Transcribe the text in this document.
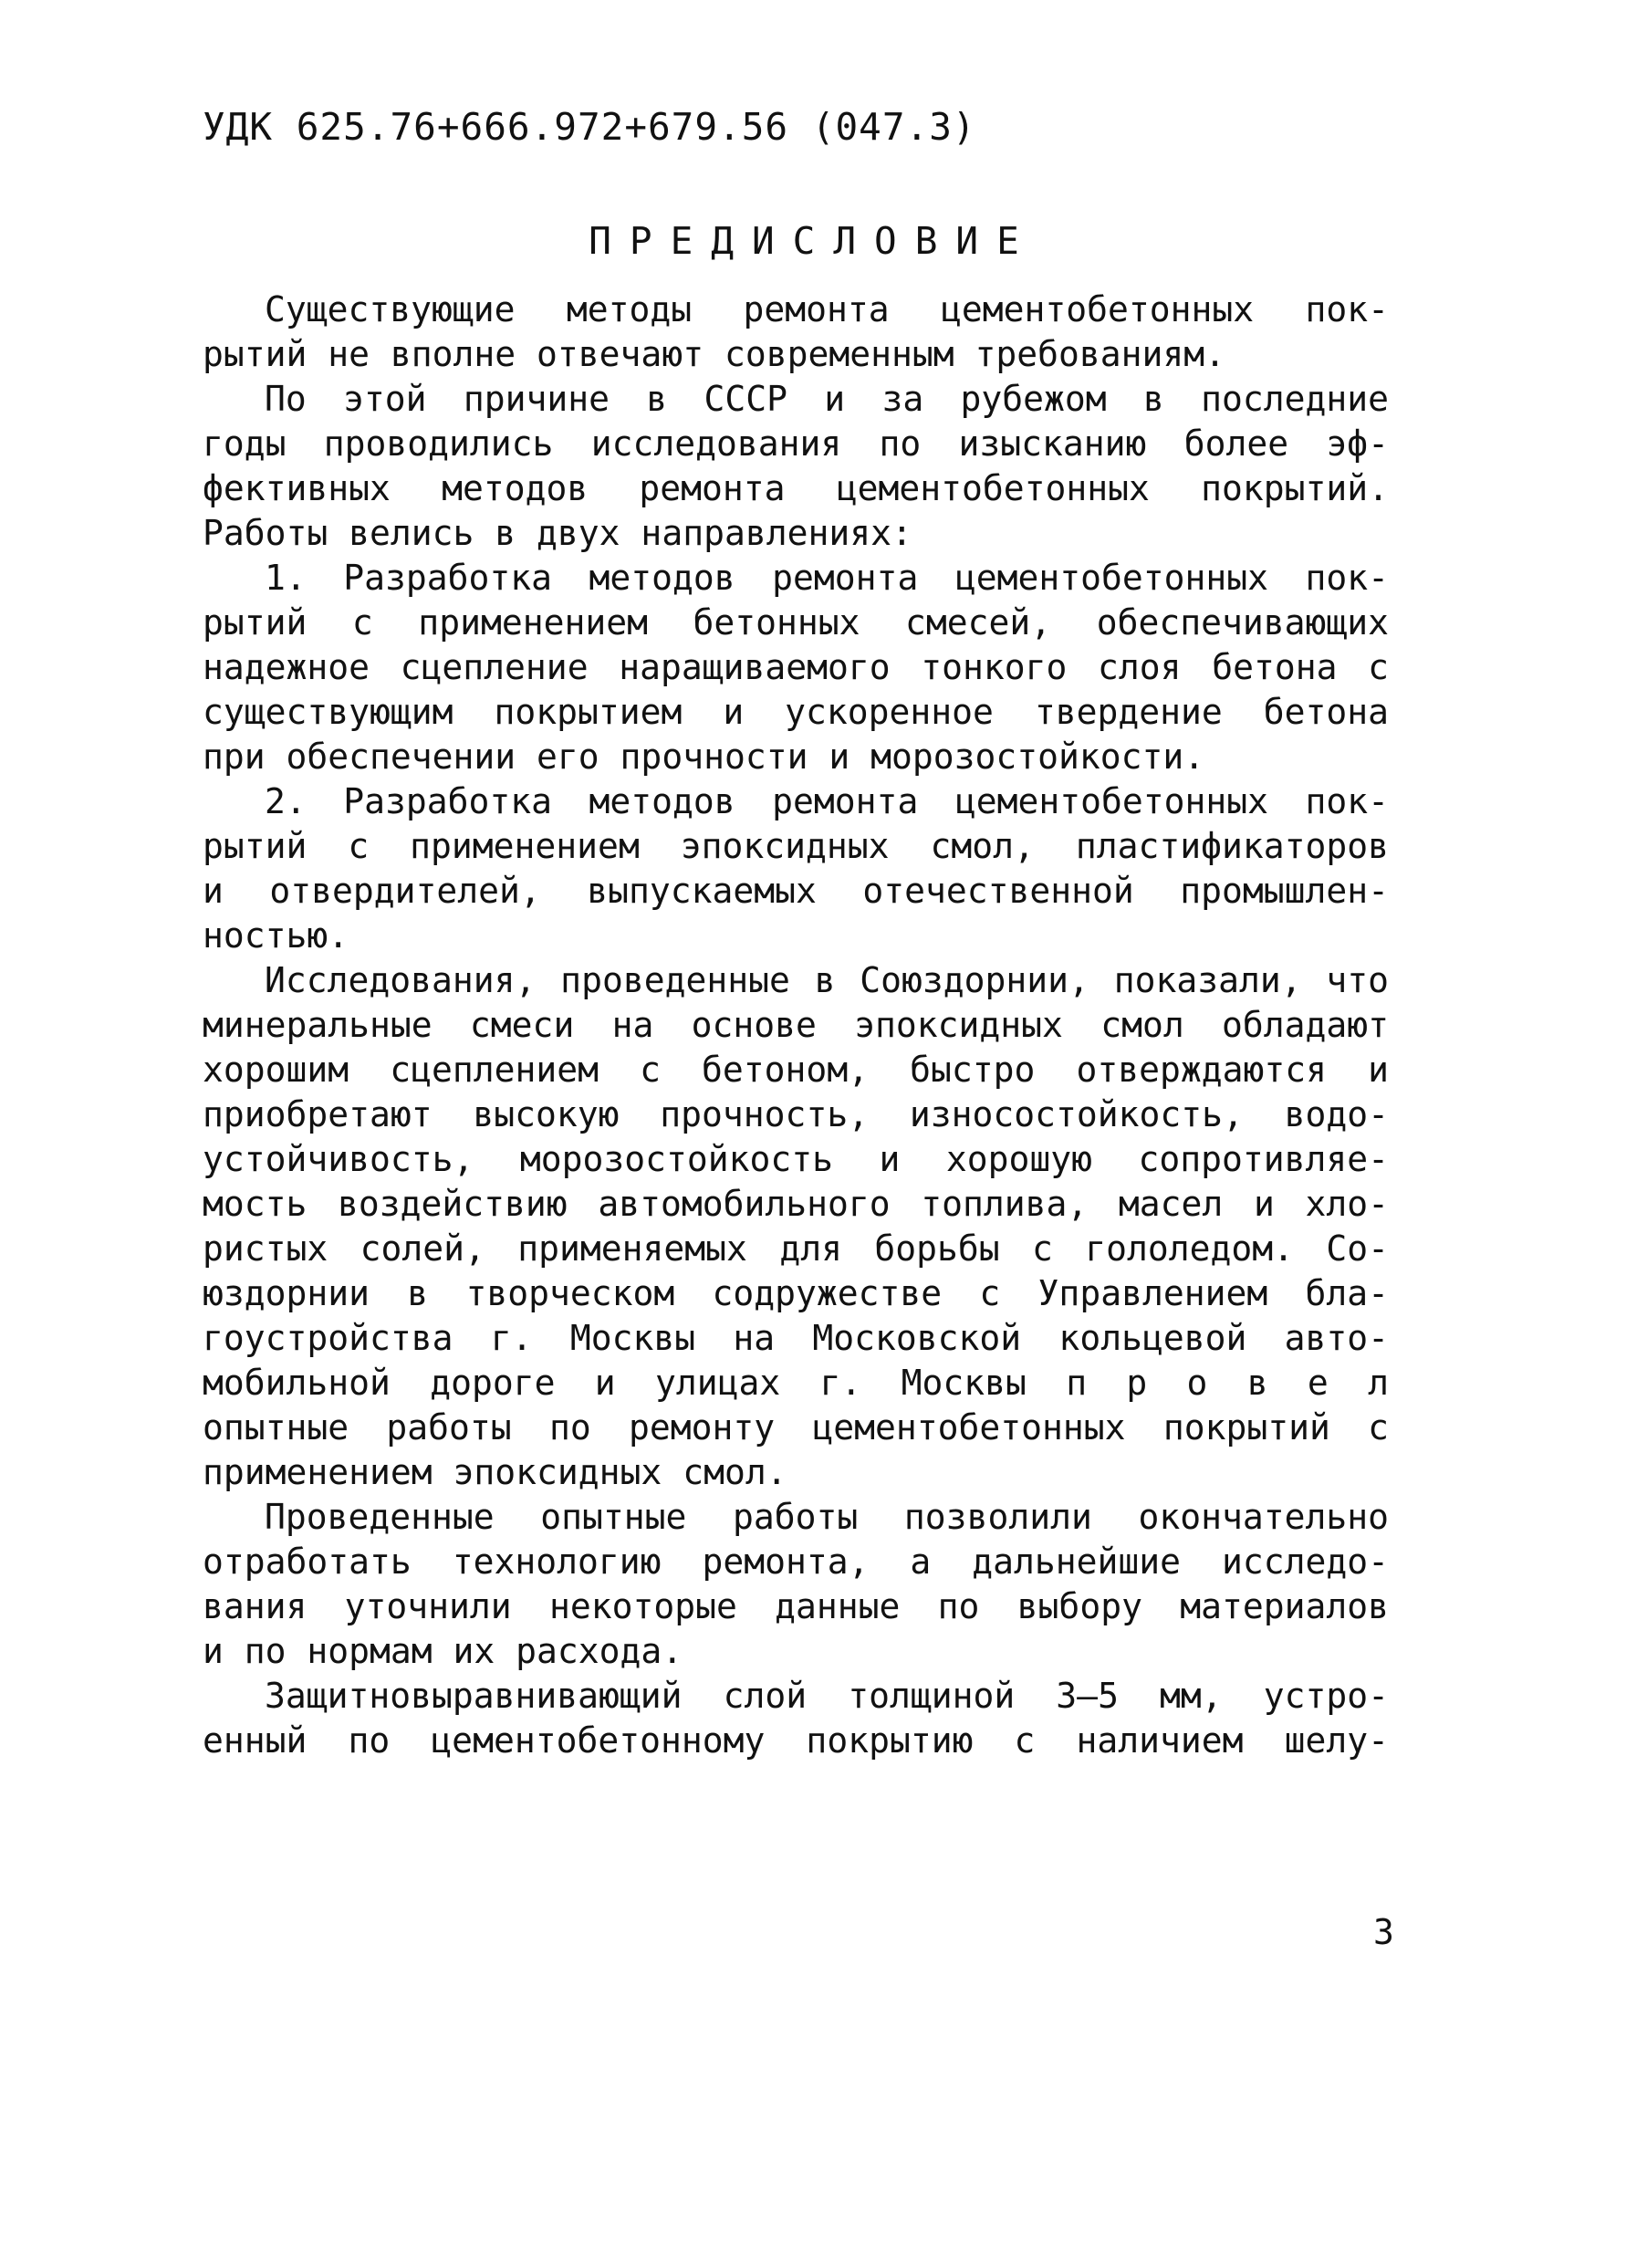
УДК 625.76+666.972+679.56 (047.3)
ПРЕДИСЛОВИЕ
Существующие методы ремонта цементобетонных пок-
рытий не вполне отвечают современным требованиям.
По этой причине в СССР и за рубежом в последние
годы проводились исследования по изысканию более эф-
фективных методов ремонта цементобетонных покрытий.
Работы велись в двух направлениях:
1. Разработка методов ремонта цементобетонных пок-
рытий с применением бетонных смесей, обеспечивающих
надежное сцепление наращиваемого тонкого слоя бетона с
существующим покрытием и ускоренное твердение бетона
при обеспечении его прочности и морозостойкости.
2. Разработка методов ремонта цементобетонных пок-
рытий с применением эпоксидных смол, пластификаторов
и отвердителей, выпускаемых отечественной промышлен-
ностью.
Исследования, проведенные в Союздорнии, показали, что
минеральные смеси на основе эпоксидных смол обладают
хорошим сцеплением с бетоном, быстро отверждаются и
приобретают высокую прочность, износостойкость, водо-
устойчивость, морозостойкость и хорошую сопротивляе-
мость воздействию автомобильного топлива, масел и хло-
ристых солей, применяемых для борьбы с гололедом. Со-
юздорнии в творческом содружестве с Управлением бла-
гоустройства г. Москвы на Московской кольцевой авто-
мобильной дороге и улицах г. Москвы п р о в е л
опытные работы по ремонту цементобетонных покрытий с
применением эпоксидных смол.
Проведенные опытные работы позволили окончательно
отработать технологию ремонта, а дальнейшие исследо-
вания уточнили некоторые данные по выбору материалов
и по нормам их расхода.
Защитновыравнивающий слой толщиной 3–5 мм, устро-
енный по цементобетонному покрытию с наличием шелу-
3
